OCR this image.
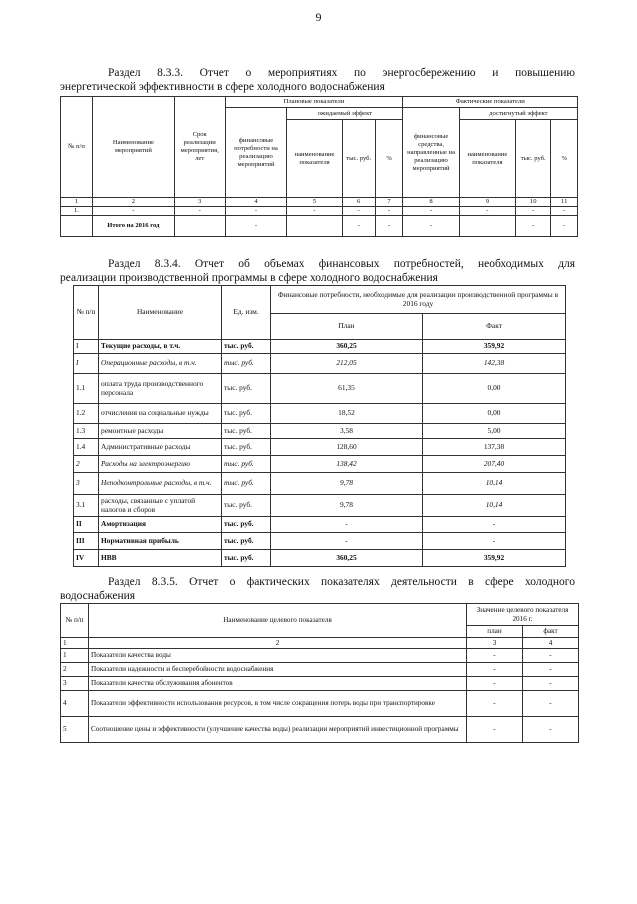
9
Раздел 8.3.3. Отчет о мероприятиях по энергосбережению и повышению
энергетической эффективности в сфере холодного водоснабжения
№ п/п	Наименование мероприятий	Срок реализации мероприятия, лет	Плановые показатели				Фактические показатели			
			финансовые потребности на реализацию мероприятий	ожидаемый эффект			финансовые средства, направленные на реализацию мероприятий	достигнутый эффект		
				наименование показателя	тыс. руб.	%		наименование показателя	тыс. руб.	%
1	2	3	4	5	6	7	8	9	10	11
1.	-	-	-	-	-	-	-	-	-	-
	Итого на 2016 год		-		-	-	-		-	-
Раздел 8.3.4. Отчет об объемах финансовых потребностей, необходимых для
реализации производственной программы в сфере холодного водоснабжения
№ п/п	Наименование	Ед. изм.	Финансовые потребности, необходимые для реализации производственной программы в 2016 году	
			План	Факт
I	Текущие расходы, в т.ч.	тыс. руб.	360,25	359,92
I	Операционные расходы, в т.ч.	тыс. руб.	212,05	142,38
1.1	оплата труда производственного персонала	тыс. руб.	61,35	0,00
1.2	отчисления на социальные нужды	тыс. руб.	18,52	0,00
1.3	ремонтные расходы	тыс. руб.	3,58	5,00
1.4	Административные расходы	тыс. руб.	128,60	137,38
2	Расходы на электроэнергию	тыс. руб.	138,42	207,40
3	Неподконтрольные расходы, в т.ч.	тыс. руб.	9,78	10,14
3.1	расходы, связанные с уплатой налогов и сборов	тыс. руб.	9,78	10,14
II	Амортизация	тыс. руб.	-	-
III	Нормативная прибыль	тыс. руб.	-	-
IV	НВВ	тыс. руб.	360,25	359,92
Раздел 8.3.5. Отчет о фактических показателях деятельности в сфере холодного
водоснабжения
№ п/п	Наименование целевого показателя	Значение целевого показателя 2016 г.	
		план	факт
1	2	3	4
1	Показатели качества воды	-	-
2	Показатели надежности и бесперебойности водоснабжения	-	-
3	Показатели качества обслуживания абонентов	-	-
4	Показатели эффективности использования ресурсов, в том числе сокращения потерь воды при транспортировке	-	-
5	Соотношение цены и эффективности (улучшение качества воды) реализации мероприятий инвестиционной программы	-	-
